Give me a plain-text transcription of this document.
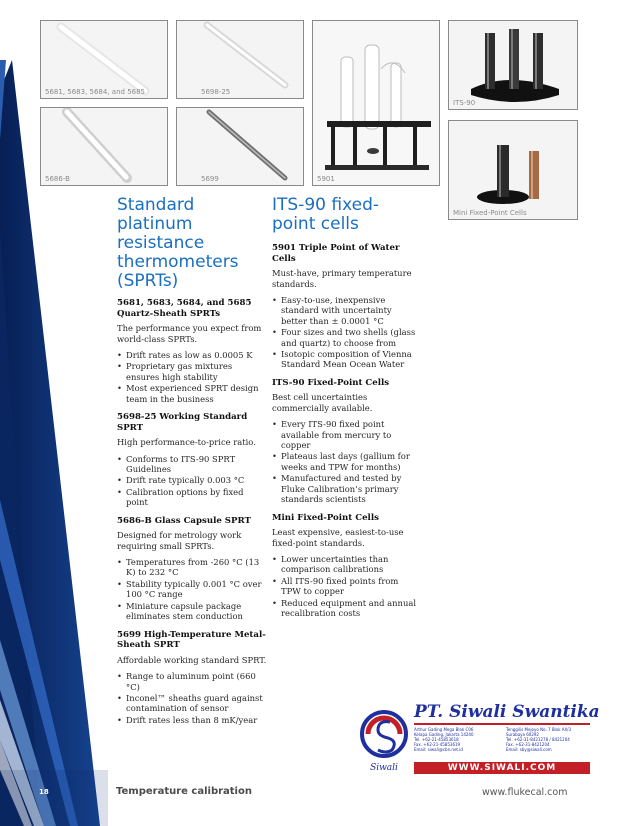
5681, 5683, 5684, and 5685	5698-25
5686-B	5699	5901
ITS-90
Mini Fixed-Point Cells
Standard
platinum
resistance
thermometers
(SPRTs)
ITS-90 fixed-
point cells
5681, 5683, 5684, and 5685 Quartz-Sheath SPRTs

The performance you expect from world-class SPRTs.

• Drift rates as low as 0.0005 K
• Proprietary gas mixtures ensures high stability
• Most experienced SPRT design team in the business
5698-25 Working Standard SPRT

High performance-to-price ratio.

• Conforms to ITS-90 SPRT Guidelines
• Drift rate typically 0.003 °C
• Calibration options by fixed point
5686-B Glass Capsule SPRT

Designed for metrology work requiring small SPRTs.

• Temperatures from -260 °C (13 K) to 232 °C
• Stability typically 0.001 °C over 100 °C range
• Miniature capsule package eliminates stem conduction
5699 High-Temperature Metal-Sheath SPRT

Affordable working standard SPRT.

• Range to aluminum point (660 °C)
• Inconel™ sheaths guard against contamination of sensor
• Drift rates less than 8 mK/year
5901 Triple Point of Water Cells

Must-have, primary temperature standards.

• Easy-to-use, inexpensive standard with uncertainty better than ± 0.0001 °C
• Four sizes and two shells (glass and quartz) to choose from
• Isotopic composition of Vienna Standard Mean Ocean Water
ITS-90 Fixed-Point Cells

Best cell uncertainties commercially available.

• Every ITS-90 fixed point available from mercury to copper
• Plateaus last days (gallium for weeks and TPW for months)
• Manufactured and tested by Fluke Calibration’s primary standards scientists
Mini Fixed-Point Cells

Least expensive, easiest-to-use fixed-point standards.

• Lower uncertainties than comparison calibrations
• All ITS-90 fixed points from TPW to copper
• Reduced equipment and annual recalibration costs
Siwali
PT. Siwali Swantika
Arthur Gading Mega Blok C06
Kelapa Gading, Jakarta 14240
Tel. +62-21-45853618
Fax. +62-21-45853619
Email: siwali@cbn.net.id
Tenggilis Mejoyo No. 7 Blok AX/3
Surabaya 60292
Tel. +62-31-8421278 / 8421204
Fax. +62-31-8421204
Email: sby@siwali.com
WWW.SIWALI.COM
18	Temperature calibration	www.flukecal.com
